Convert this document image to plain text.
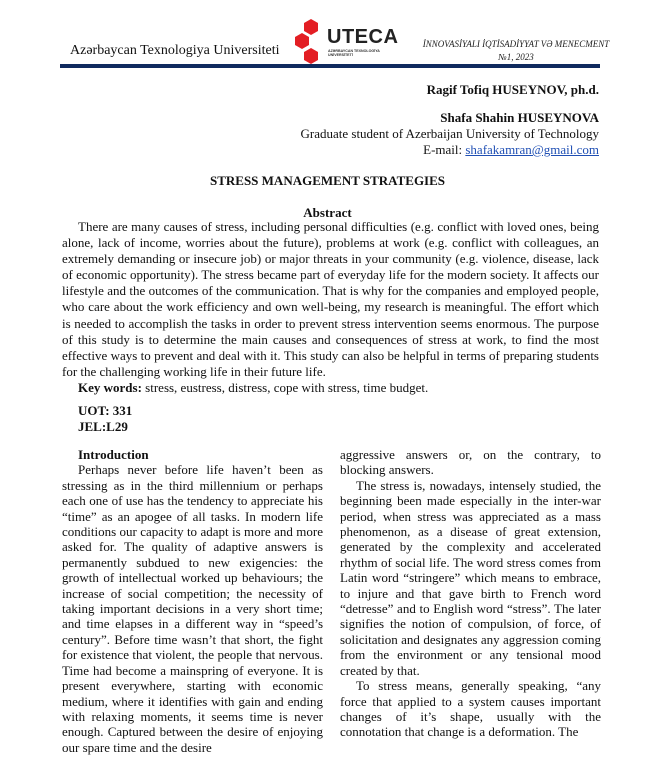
Azərbaycan Texnologiya Universiteti
UTECA
AZƏRBAYCAN TEXNOLOGİYA
UNİVERSİTETİ
İNNOVASİYALI İQTİSADİYYAT VƏ MENECMENT
№1, 2023
Ragif Tofiq HUSEYNOV, ph.d.
Shafa Shahin HUSEYNOVA
Graduate student of Azerbaijan University of Technology
E-mail: shafakamran@gmail.com
STRESS MANAGEMENT STRATEGIES
Abstract

There are many causes of stress, including personal difficulties (e.g. conflict with loved ones, being alone, lack of income, worries about the future), problems at work (e.g. conflict with colleagues, an extremely demanding or insecure job) or major threats in your community (e.g. violence, disease, lack of economic opportunity). The stress became part of everyday life for the modern society. It affects our lifestyle and the outcomes of the communication. That is why for the companies and employed people, who care about the work efficiency and own well-being, my research is meaningful. The effort which is needed to accomplish the tasks in order to prevent stress intervention seems enormous. The purpose of this study is to determine the main causes and consequences of stress at work, to find the most effective ways to prevent and deal with it. This study can also be helpful in terms of preparing students for the challenging working life in their future life.

Key words: stress, eustress, distress, cope with stress, time budget.

UOT: 331
JEL:L29

Introduction

Perhaps never before life haven’t been as stressing as in the third millennium or perhaps each one of use has the tendency to appreciate his “time” as an apogee of all tasks. In modern life conditions our capacity to adapt is more and more asked for. The quality of adaptive answers is permanently subdued to new exigencies: the growth of intellectual worked up behaviours; the increase of social competition; the necessity of taking important decisions in a very short time; and time elapses in a different way in “speed’s century”. Before time wasn’t that short, the fight for existence that violent, the people that nervous. Time had become a mainspring of everyone. It is present everywhere, starting with economic medium, where it identifies with gain and ending with relaxing moments, it seems time is never enough. Captured between the desire of enjoying our spare time and the desire

aggressive answers or, on the contrary, to blocking answers.

The stress is, nowadays, intensely studied, the beginning been made especially in the inter-war period, when stress was appreciated as a mass phenomenon, as a disease of great extension, generated by the complexity and accelerated rhythm of social life. The word stress comes from Latin word “stringere” which means to embrace, to injure and that gave birth to French word “detresse” and to English word “stress”. The later signifies the notion of compulsion, of force, of solicitation and designates any aggression coming from the environment or any tensional mood created by that.

To stress means, generally speaking, “any force that applied to a system causes important changes of it’s shape, usually with the connotation that change is a deformation. The
